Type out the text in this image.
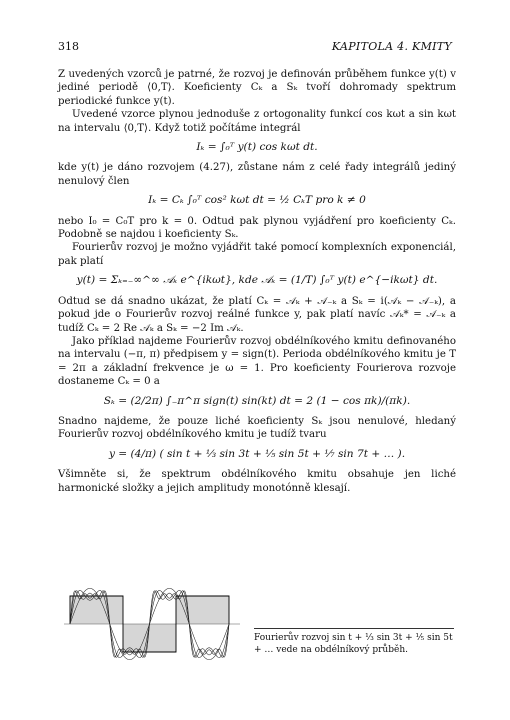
318	KAPITOLA 4. KMITY

Z uvedených vzorců je patrné, že rozvoj je definován průběhem funkce y(t) v jediné periodě ⟨0,T⟩. Koeficienty Cₖ a Sₖ tvoří dohromady spektrum periodické funkce y(t).

Uvedené vzorce plynou jednoduše z ortogonality funkcí cos kωt a sin kωt na intervalu ⟨0,T⟩. Když totiž počítáme integrál

Iₖ = ∫₀ᵀ y(t) cos kωt dt.

kde y(t) je dáno rozvojem (4.27), zůstane nám z celé řady integrálů jediný nenulový člen

Iₖ = Cₖ ∫₀ᵀ cos² kωt dt = ½ CₖT pro k ≠ 0

nebo I₀ = C₀T pro k = 0. Odtud pak plynou vyjádření pro koeficienty Cₖ. Podobně se najdou i koeficienty Sₖ.

Fourierův rozvoj je možno vyjádřit také pomocí komplexních exponenciál, pak platí

y(t) = Σₖ₌₋∞^∞ 𝒜ₖ e^{ikωt}, kde 𝒜ₖ = (1/T) ∫₀ᵀ y(t) e^{−ikωt} dt.

Odtud se dá snadno ukázat, že platí Cₖ = 𝒜ₖ + 𝒜₋ₖ a Sₖ = i(𝒜ₖ − 𝒜₋ₖ), a pokud jde o Fourierův rozvoj reálné funkce y, pak platí navíc 𝒜ₖ* = 𝒜₋ₖ a tudíž Cₖ = 2 Re 𝒜ₖ a Sₖ = −2 Im 𝒜ₖ.

Jako příklad najdeme Fourierův rozvoj obdélníkového kmitu definovaného na intervalu (−π, π) předpisem y = sign(t). Perioda obdélníkového kmitu je T = 2π a základní frekvence je ω = 1. Pro koeficienty Fourierova rozvoje dostaneme Cₖ = 0 a

Sₖ = (2/2π) ∫₋π^π sign(t) sin(kt) dt = 2 (1 − cos πk)/(πk).

Snadno najdeme, že pouze liché koeficienty Sₖ jsou nenulové, hledaný Fourierův rozvoj obdélníkového kmitu je tudíž tvaru

y = (4/π) ( sin t + ⅓ sin 3t + ⅕ sin 5t + ⅐ sin 7t + … ).

Všimněte si, že spektrum obdélníkového kmitu obsahuje jen liché harmonické složky a jejich amplitudy monotónně klesají.

Fourierův rozvoj sin t + ⅓ sin 3t + ⅕ sin 5t + … vede na obdélníkový průběh.
